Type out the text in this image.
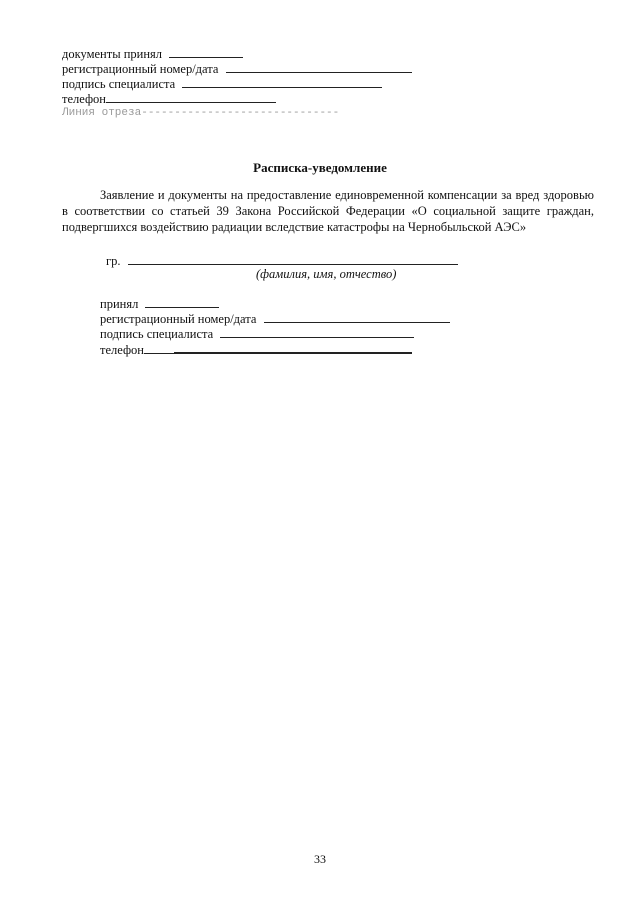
документы принял
регистрационный номер/дата
подпись специалиста
телефон
Линия отреза------------------------------
Расписка-уведомление
Заявление и документы на предоставление единовременной компенсации за вред здоровью в соответствии со статьей 39 Закона Российской Федерации «О социальной защите граждан, подвергшихся воздействию радиации вследствие катастрофы на Чернобыльской АЭС»
гр.
(фамилия, имя, отчество)
принял
регистрационный номер/дата
подпись специалиста
телефон
33
